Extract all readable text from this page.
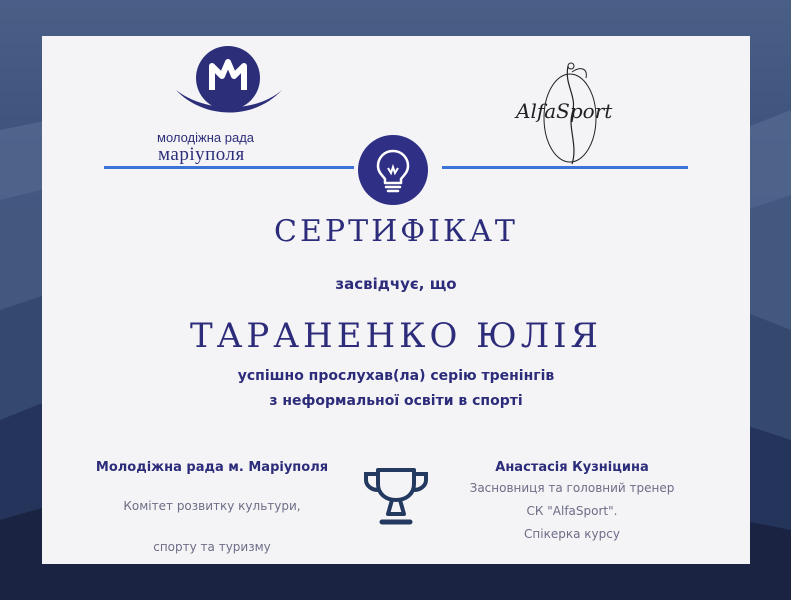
молодіжна рада
маріуполя
AlfaSport
СЕРТИФІКАТ
засвідчує, що
ТАРАНЕНКО ЮЛІЯ
успішно прослухав(ла) серію тренінгів
з неформальної освіти в спорті
Молодіжна рада м. Маріуполя
Комітет розвитку культури,
спорту та туризму
Анастасія Кузніцина
Засновниця та головний тренер
СК "AlfaSport".
Спікерка курсу
